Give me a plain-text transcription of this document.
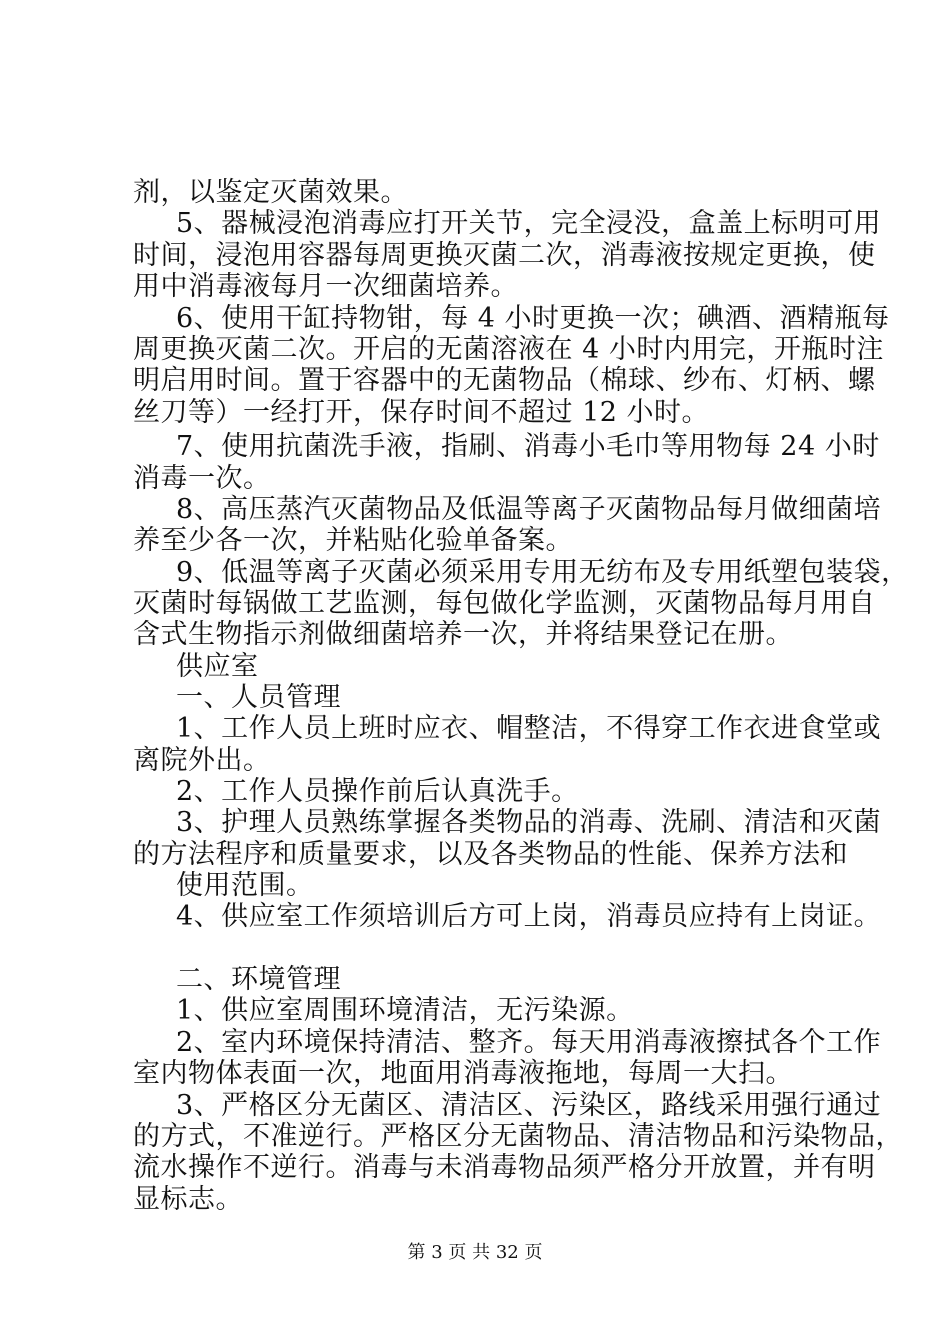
剂，以鉴定灭菌效果。
5、器械浸泡消毒应打开关节，完全浸没，盒盖上标明可用
时间，浸泡用容器每周更换灭菌二次，消毒液按规定更换，使
用中消毒液每月一次细菌培养。
6、使用干缸持物钳，每 4 小时更换一次；碘酒、酒精瓶每
周更换灭菌二次。开启的无菌溶液在 4 小时内用完，开瓶时注
明启用时间。置于容器中的无菌物品（棉球、纱布、灯柄、螺
丝刀等）一经打开，保存时间不超过 12 小时。
7、使用抗菌洗手液，指刷、消毒小毛巾等用物每 24 小时
消毒一次。
8、高压蒸汽灭菌物品及低温等离子灭菌物品每月做细菌培
养至少各一次，并粘贴化验单备案。
9、低温等离子灭菌必须采用专用无纺布及专用纸塑包装袋，
灭菌时每锅做工艺监测，每包做化学监测，灭菌物品每月用自
含式生物指示剂做细菌培养一次，并将结果登记在册。
供应室
一、人员管理
1、工作人员上班时应衣、帽整洁，不得穿工作衣进食堂或
离院外出。
2、工作人员操作前后认真洗手。
3、护理人员熟练掌握各类物品的消毒、洗刷、清洁和灭菌
的方法程序和质量要求，以及各类物品的性能、保养方法和
使用范围。
4、供应室工作须培训后方可上岗，消毒员应持有上岗证。
二、环境管理
1、供应室周围环境清洁，无污染源。
2、室内环境保持清洁、整齐。每天用消毒液擦拭各个工作
室内物体表面一次，地面用消毒液拖地，每周一大扫。
3、严格区分无菌区、清洁区、污染区，路线采用强行通过
的方式，不准逆行。严格区分无菌物品、清洁物品和污染物品，
流水操作不逆行。消毒与未消毒物品须严格分开放置，并有明
显标志。
第 3 页 共 32 页
